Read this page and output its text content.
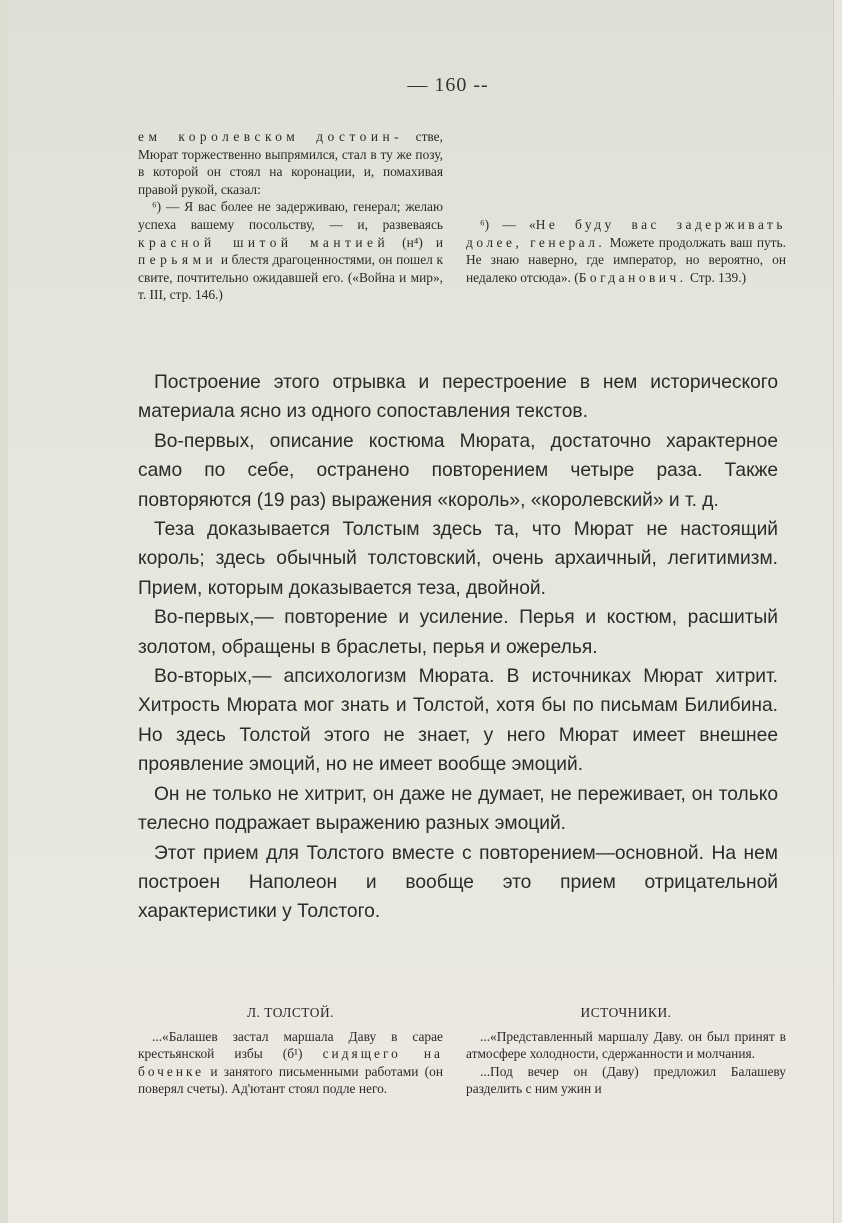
— 160 --

ем королевском достоин- стве, Мюрат торжественно выпрямился, стал в ту же позу, в которой он стоял на коронации, и, помахивая правой рукой, сказал:

⁶) — Я вас более не задерживаю, генерал; желаю успеха вашему посольству, — и, развеваясь красной шитой мантией (н⁴) и перьями и блестя драгоценностями, он пошел к свите, почтительно ожидавшей его. («Война и мир», т. III, стр. 146.)

⁶) — «Не буду вас задерживать долее, генерал. Можете продолжать ваш путь. Не знаю наверно, где император, но вероятно, он недалеко отсюда». (Богданович. Стр. 139.)

Построение этого отрывка и перестроение в нем исторического материала ясно из одного сопоставления текстов.

Во-первых, описание костюма Мюрата, достаточно характерное само по себе, остранено повторением четыре раза. Также повторяются (19 раз) выражения «король», «королевский» и т. д.

Теза доказывается Толстым здесь та, что Мюрат не настоящий король; здесь обычный толстовский, очень архаичный, легитимизм. Прием, которым доказывается теза, двойной.

Во-первых,— повторение и усиление. Перья и костюм, расшитый золотом, обращены в браслеты, перья и ожерелья.

Во-вторых,— апсихологизм Мюрата. В источниках Мюрат хитрит. Хитрость Мюрата мог знать и Толстой, хотя бы по письмам Билибина. Но здесь Толстой этого не знает, у него Мюрат имеет внешнее проявление эмоций, но не имеет вообще эмоций.

Он не только не хитрит, он даже не думает, не переживает, он только телесно подражает выражению разных эмоций.

Этот прием для Толстого вместе с повторением—основной. На нем построен Наполеон и вообще это прием отрицательной характеристики у Толстого.

Л. ТОЛСТОЙ.

...«Балашев застал маршала Даву в сарае крестьянской избы (б¹) сидящего на боченке и занятого письменными работами (он поверял счеты). Ад'ютант стоял подле него.

ИСТОЧНИКИ.

...«Представленный маршалу Даву. он был принят в атмосфере холодности, сдержанности и молчания.

...Под вечер он (Даву) предложил Балашеву разделить с ним ужин и
